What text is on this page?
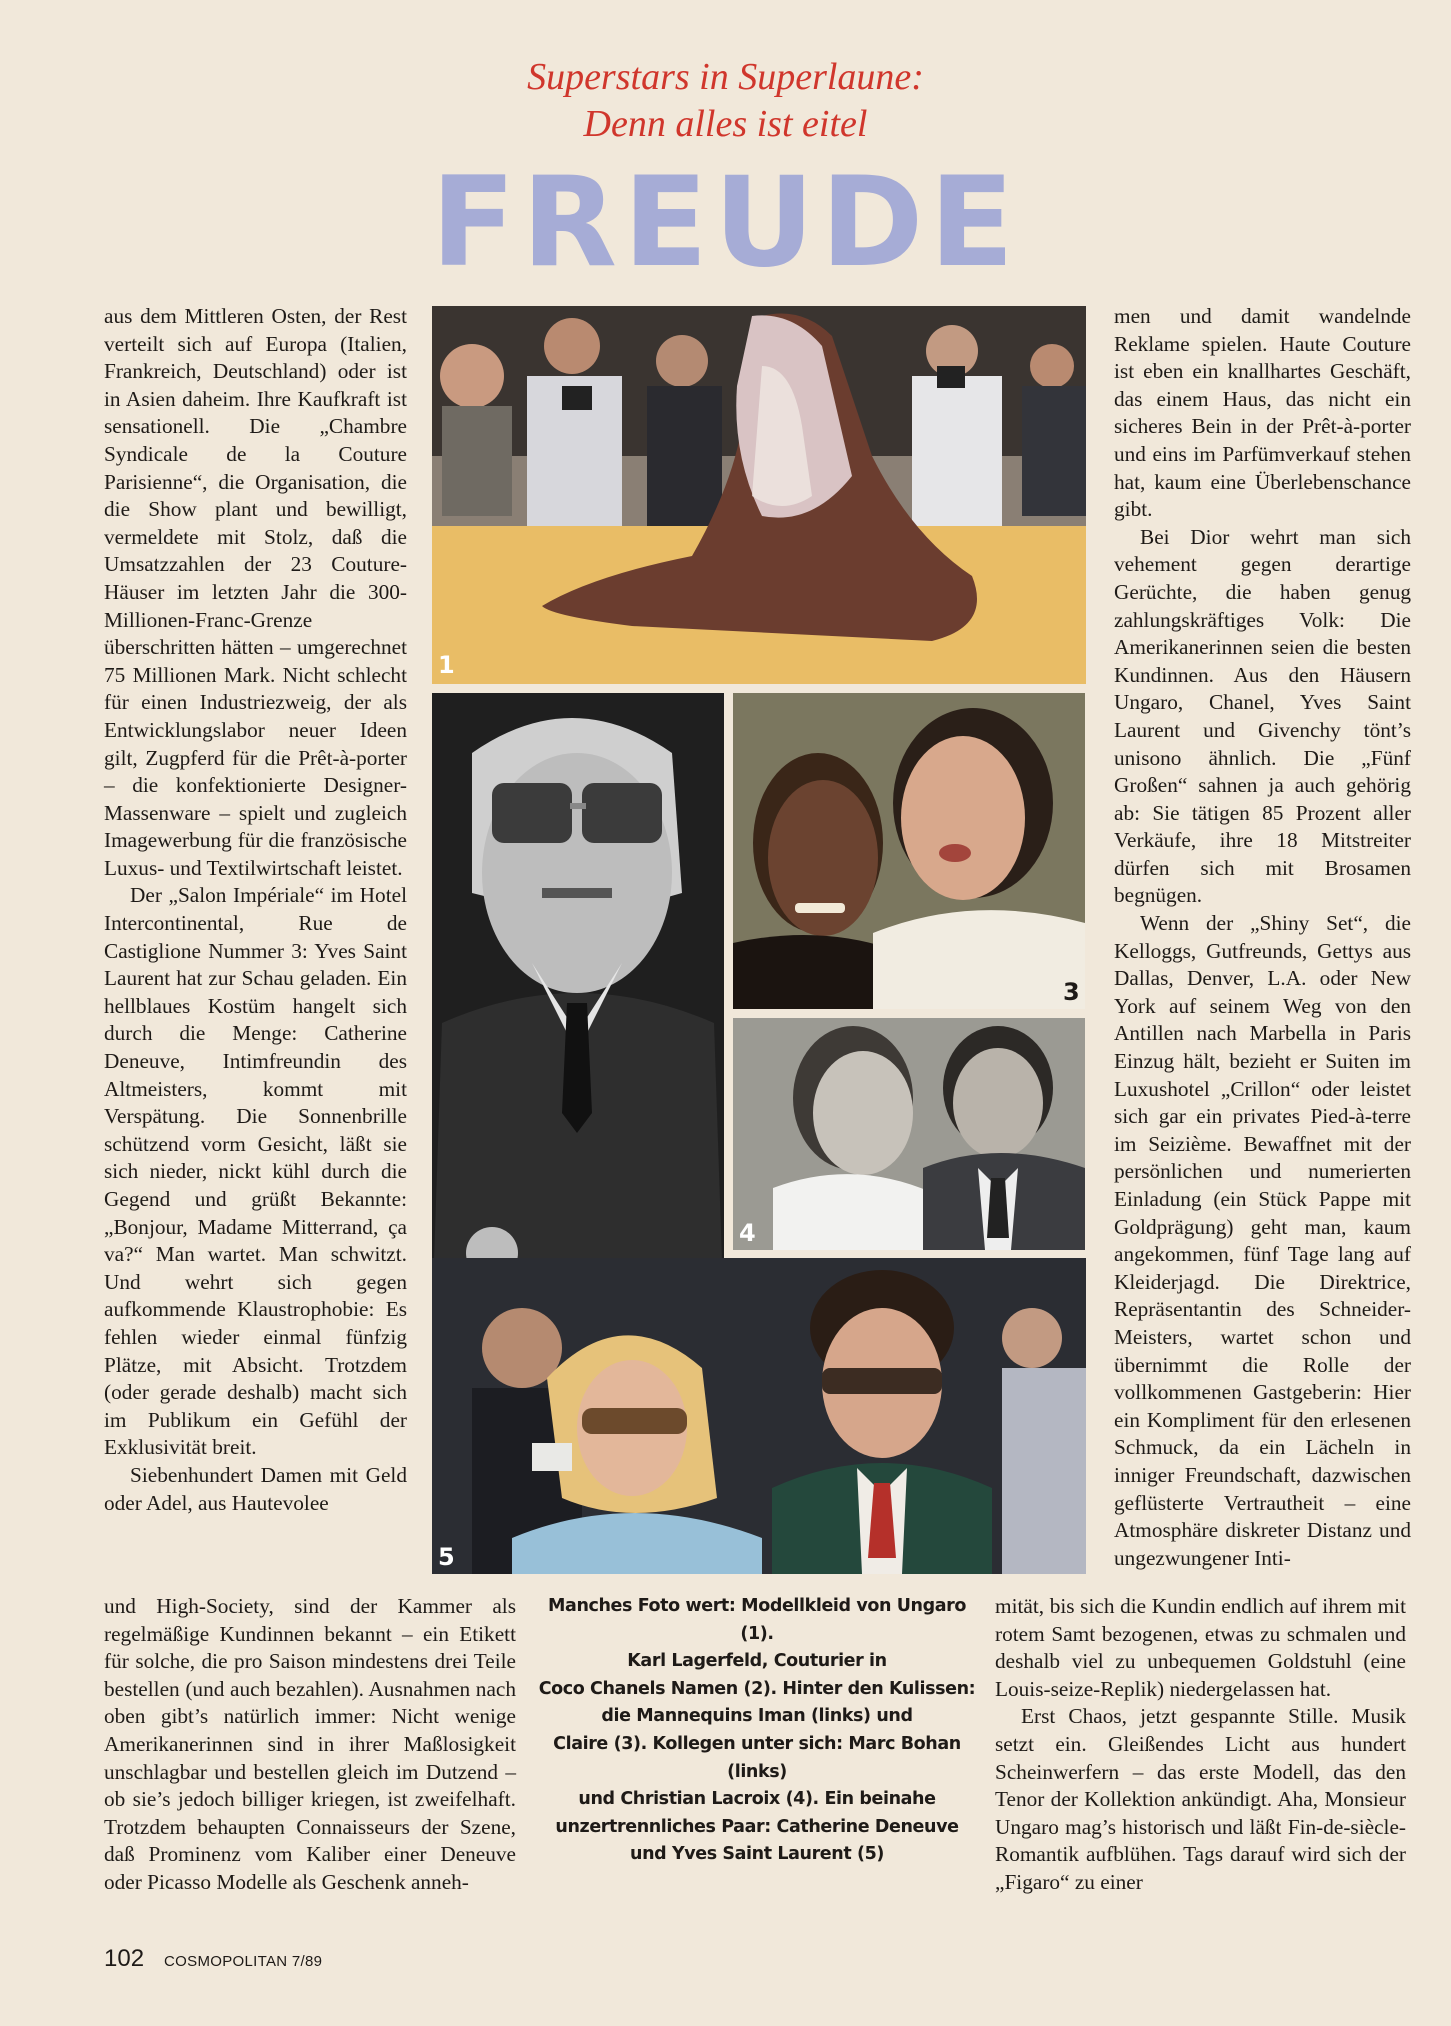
Superstars in Superlaune:
Denn alles ist eitel
FREUDE

aus dem Mittleren Osten, der Rest verteilt sich auf Europa (Italien, Frankreich, Deutschland) oder ist in Asien daheim. Ihre Kaufkraft ist sensationell. Die „Chambre Syndicale de la Couture Parisienne“, die Organisation, die die Show plant und bewilligt, vermeldete mit Stolz, daß die Umsatzzahlen der 23 Couture-Häuser im letzten Jahr die 300-Millionen-Franc-Grenze überschritten hätten – umgerechnet 75 Millionen Mark. Nicht schlecht für einen Industriezweig, der als Entwicklungslabor neuer Ideen gilt, Zugpferd für die Prêt-à-porter – die konfektionierte Designer-Massenware – spielt und zugleich Imagewerbung für die französische Luxus- und Textilwirtschaft leistet.

Der „Salon Impériale“ im Hotel Intercontinental, Rue de Castiglione Nummer 3: Yves Saint Laurent hat zur Schau geladen. Ein hellblaues Kostüm hangelt sich durch die Menge: Catherine Deneuve, Intimfreundin des Altmeisters, kommt mit Verspätung. Die Sonnenbrille schützend vorm Gesicht, läßt sie sich nieder, nickt kühl durch die Gegend und grüßt Bekannte: „Bonjour, Madame Mitterrand, ça va?“ Man wartet. Man schwitzt. Und wehrt sich gegen aufkommende Klaustrophobie: Es fehlen wieder einmal fünfzig Plätze, mit Absicht. Trotzdem (oder gerade deshalb) macht sich im Publikum ein Gefühl der Exklusivität breit.

Siebenhundert Damen mit Geld oder Adel, aus Hautevolee

und High-Society, sind der Kammer als regelmäßige Kundinnen bekannt – ein Etikett für solche, die pro Saison mindestens drei Teile bestellen (und auch bezahlen). Ausnahmen nach oben gibt’s natürlich immer: Nicht wenige Amerikanerinnen sind in ihrer Maßlosigkeit unschlagbar und bestellen gleich im Dutzend – ob sie’s jedoch billiger kriegen, ist zweifelhaft. Trotzdem behaupten Connaisseurs der Szene, daß Prominenz vom Kaliber einer Deneuve oder Picasso Modelle als Geschenk anneh-

men und damit wandelnde Reklame spielen. Haute Couture ist eben ein knallhartes Geschäft, das einem Haus, das nicht ein sicheres Bein in der Prêt-à-porter und eins im Parfümverkauf stehen hat, kaum eine Überlebenschance gibt.

Bei Dior wehrt man sich vehement gegen derartige Gerüchte, die haben genug zahlungskräftiges Volk: Die Amerikanerinnen seien die besten Kundinnen. Aus den Häusern Ungaro, Chanel, Yves Saint Laurent und Givenchy tönt’s unisono ähnlich. Die „Fünf Großen“ sahnen ja auch gehörig ab: Sie tätigen 85 Prozent aller Verkäufe, ihre 18 Mitstreiter dürfen sich mit Brosamen begnügen.

Wenn der „Shiny Set“, die Kelloggs, Gutfreunds, Gettys aus Dallas, Denver, L.A. oder New York auf seinem Weg von den Antillen nach Marbella in Paris Einzug hält, bezieht er Suiten im Luxushotel „Crillon“ oder leistet sich gar ein privates Pied-à-terre im Seizième. Bewaffnet mit der persönlichen und numerierten Einladung (ein Stück Pappe mit Goldprägung) geht man, kaum angekommen, fünf Tage lang auf Kleiderjagd. Die Direktrice, Repräsentantin des Schneider-Meisters, wartet schon und übernimmt die Rolle der vollkommenen Gastgeberin: Hier ein Kompliment für den erlesenen Schmuck, da ein Lächeln in inniger Freundschaft, dazwischen geflüsterte Vertrautheit – eine Atmosphäre diskreter Distanz und ungezwungener Inti-

mität, bis sich die Kundin endlich auf ihrem mit rotem Samt bezogenen, etwas zu schmalen und deshalb viel zu unbequemen Goldstuhl (eine Louis-seize-Replik) niedergelassen hat.

Erst Chaos, jetzt gespannte Stille. Musik setzt ein. Gleißendes Licht aus hundert Scheinwerfern – das erste Modell, das den Tenor der Kollektion ankündigt. Aha, Monsieur Ungaro mag’s historisch und läßt Fin-de-siècle-Romantik aufblühen. Tags darauf wird sich der „Figaro“ zu einer

1
3
4
5
Manches Foto wert: Modellkleid von Ungaro (1).
Karl Lagerfeld, Couturier in
Coco Chanels Namen (2). Hinter den Kulissen:
die Mannequins Iman (links) und
Claire (3). Kollegen unter sich: Marc Bohan (links)
und Christian Lacroix (4). Ein beinahe
unzertrennliches Paar: Catherine Deneuve
und Yves Saint Laurent (5)
102 COSMOPOLITAN 7/89
